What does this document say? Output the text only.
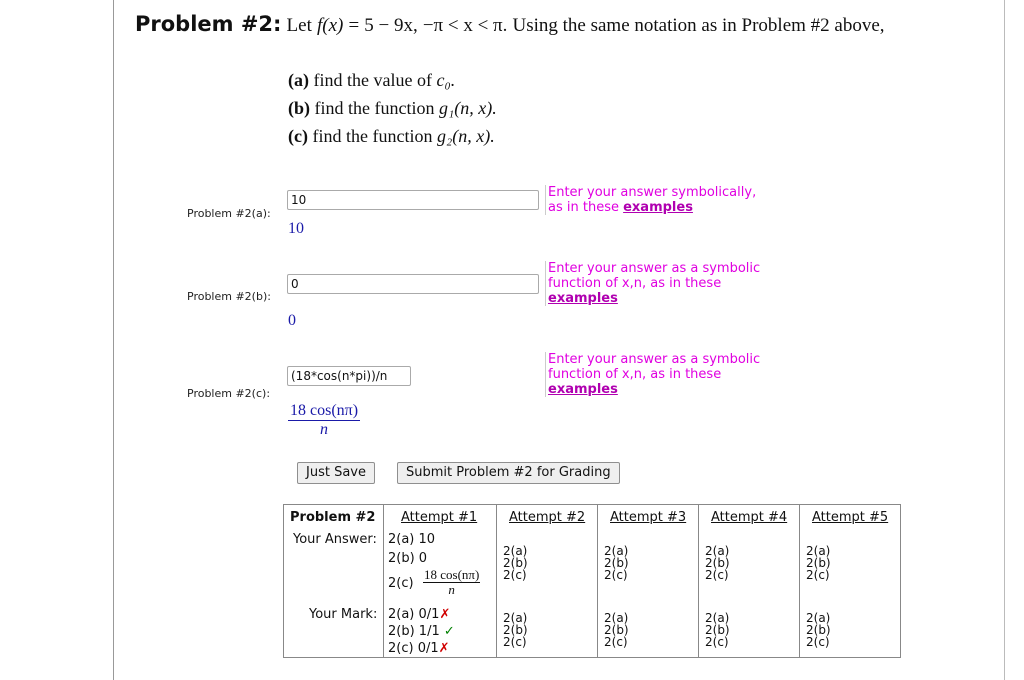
Problem #2: Let f(x) = 5 − 9x, −π < x < π. Using the same notation as in Problem #2 above,
(a) find the value of c₀.
(b) find the function g₁(n, x).
(c) find the function g₂(n, x).
Problem #2(a):
10
10
Enter your answer symbolically,
as in these examples
Problem #2(b):
0
0
Enter your answer as a symbolic
function of x,n, as in these
examples
Problem #2(c):
(18*cos(n*pi))/n
$\frac{18 \cos(n\pi)}{n}$
Enter your answer as a symbolic
function of x,n, as in these
examples
Just Save	Submit Problem #2 for Grading
Problem #2 Attempt #1 Attempt #2 Attempt #3 Attempt #4 Attempt #5
Your Answer: 2(a) 10
2(b) 0
$2(c) \frac{18 \cos(n\pi)}{n}$
2(a)
2(b)
2(c)
2(a)
2(b)
2(c)
2(a)
2(b)
2(c)
2(a)
2(b)
2(c)
Your Mark: 2(a) 0/1✗
2(b) 1/1 ✓
2(c) 0/1✗
2(a)
2(b)
2(c)
2(a)
2(b)
2(c)
2(a)
2(b)
2(c)
2(a)
2(b)
2(c)
